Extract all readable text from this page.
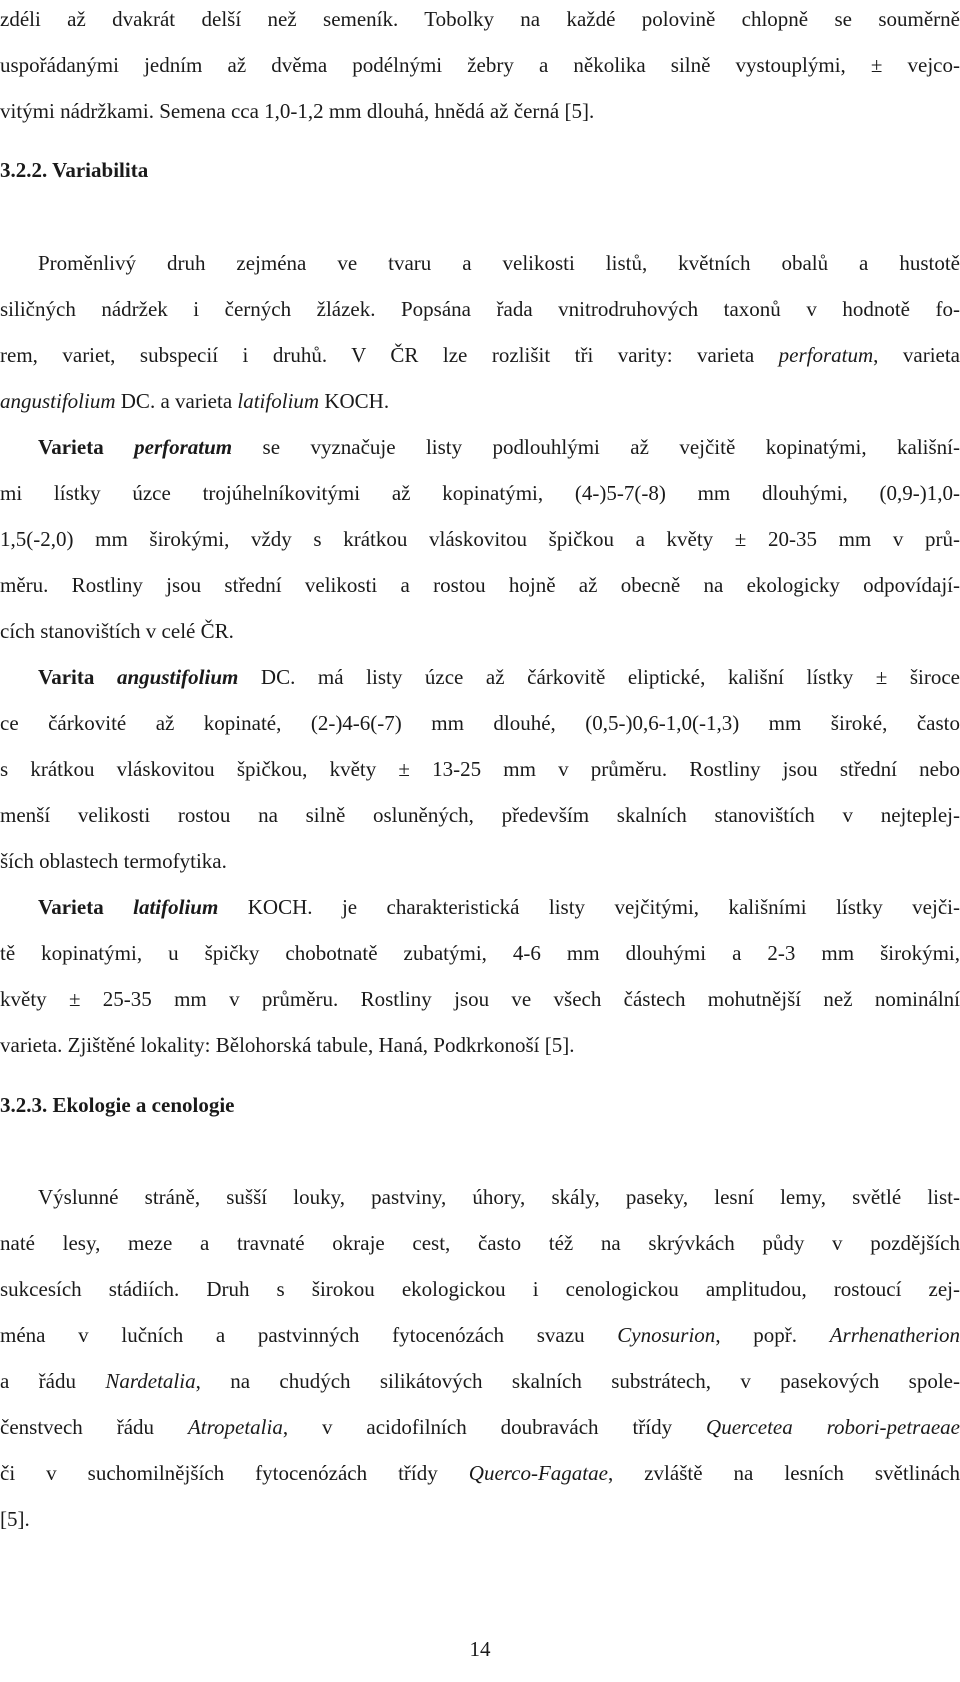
zdéli až dvakrát delší než semeník. Tobolky na každé polovině chlopně se souměrně
uspořádanými jedním až dvěma podélnými žebry a několika silně vystouplými, ± vejco-
vitými nádržkami. Semena cca 1,0-1,2 mm dlouhá, hnědá až černá [5].
3.2.2. Variabilita
Proměnlivý druh zejména ve tvaru a velikosti listů, květních obalů a hustotě
siličných nádržek i černých žlázek. Popsána řada vnitrodruhových taxonů v hodnotě fo-
rem, variet, subspecií i druhů. V ČR lze rozlišit tři varity: varieta perforatum, varieta
angustifolium DC. a varieta latifolium KOCH.
Varieta perforatum se vyznačuje listy podlouhlými až vejčitě kopinatými, kališní-
mi lístky úzce trojúhelníkovitými až kopinatými, (4-)5-7(-8) mm dlouhými, (0,9-)1,0-
1,5(-2,0) mm širokými, vždy s krátkou vláskovitou špičkou a květy ± 20-35 mm v prů-
měru. Rostliny jsou střední velikosti a rostou hojně až obecně na ekologicky odpovídají-
cích stanovištích v celé ČR.
Varita angustifolium DC. má listy úzce až čárkovitě eliptické, kališní lístky ± široce
ce čárkovité až kopinaté, (2-)4-6(-7) mm dlouhé, (0,5-)0,6-1,0(-1,3) mm široké, často
s krátkou vláskovitou špičkou, květy ± 13-25 mm v průměru. Rostliny jsou střední nebo
menší velikosti rostou na silně osluněných, především skalních stanovištích v nejteplej-
ších oblastech termofytika.
Varieta latifolium KOCH. je charakteristická listy vejčitými, kališními lístky vejči-
tě kopinatými, u špičky chobotnatě zubatými, 4-6 mm dlouhými a 2-3 mm širokými,
květy ± 25-35 mm v průměru. Rostliny jsou ve všech částech mohutnější než nominální
varieta. Zjištěné lokality: Bělohorská tabule, Haná, Podkrkonoší [5].
3.2.3. Ekologie a cenologie
Výslunné stráně, sušší louky, pastviny, úhory, skály, paseky, lesní lemy, světlé list-
naté lesy, meze a travnaté okraje cest, často též na skrývkách půdy v pozdějších
sukcesích stádiích. Druh s širokou ekologickou i cenologickou amplitudou, rostoucí zej-
ména v lučních a pastvinných fytocenózách svazu Cynosurion, popř. Arrhenatherion
a řádu Nardetalia, na chudých silikátových skalních substrátech, v pasekových spole-
čenstvech řádu Atropetalia, v acidofilních doubravách třídy Quercetea robori-petraeae
či v suchomilnějších fytocenózách třídy Querco-Fagatae, zvláště na lesních světlinách
[5].
14
